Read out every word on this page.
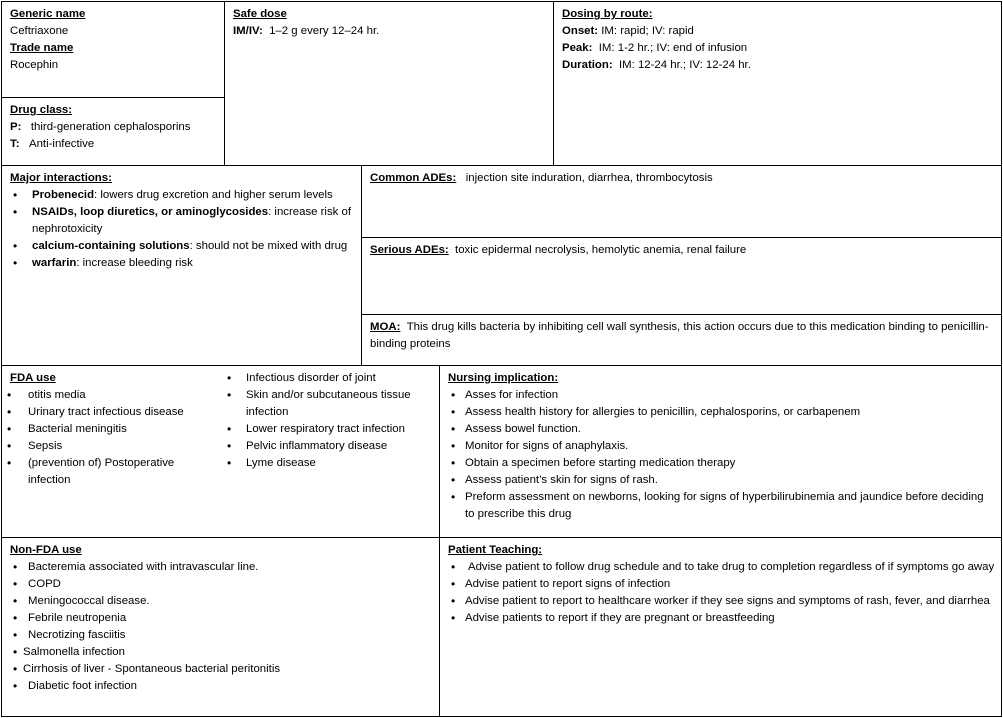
Generic name
Ceftriaxone
Trade name
Rocephin
Drug class:
P: third-generation cephalosporins
T: Anti-infective
Safe dose
IM/IV: 1–2 g every 12–24 hr.
Dosing by route:
Onset: IM: rapid; IV: rapid
Peak: IM: 1-2 hr.; IV: end of infusion
Duration: IM: 12-24 hr.; IV: 12-24 hr.
Major interactions:
• Probenecid: lowers drug excretion and higher serum levels
• NSAIDs, loop diuretics, or aminoglycosides: increase risk of nephrotoxicity
• calcium-containing solutions: should not be mixed with drug
• warfarin: increase bleeding risk
Common ADEs: injection site induration, diarrhea, thrombocytosis
Serious ADEs: toxic epidermal necrolysis, hemolytic anemia, renal failure
MOA: This drug kills bacteria by inhibiting cell wall synthesis, this action occurs due to this medication binding to penicillin-binding proteins
FDA use
• otitis media
• Urinary tract infectious disease
• Bacterial meningitis
• Sepsis
• (prevention of) Postoperative infection
• Infectious disorder of joint
• Skin and/or subcutaneous tissue infection
• Lower respiratory tract infection
• Pelvic inflammatory disease
• Lyme disease
Nursing implication:
• Asses for infection
• Assess health history for allergies to penicillin, cephalosporins, or carbapenem
• Assess bowel function.
• Monitor for signs of anaphylaxis.
• Obtain a specimen before starting medication therapy
• Assess patient’s skin for signs of rash.
• Preform assessment on newborns, looking for signs of hyperbilirubinemia and jaundice before deciding to prescribe this drug
Non-FDA use
• Bacteremia associated with intravascular line.
• COPD
• Meningococcal disease.
• Febrile neutropenia
• Necrotizing fasciitis
• Salmonella infection
• Cirrhosis of liver - Spontaneous bacterial peritonitis
• Diabetic foot infection
Patient Teaching:
• Advise patient to follow drug schedule and to take drug to completion regardless of if symptoms go away
• Advise patient to report signs of infection
• Advise patient to report to healthcare worker if they see signs and symptoms of rash, fever, and diarrhea
• Advise patients to report if they are pregnant or breastfeeding
